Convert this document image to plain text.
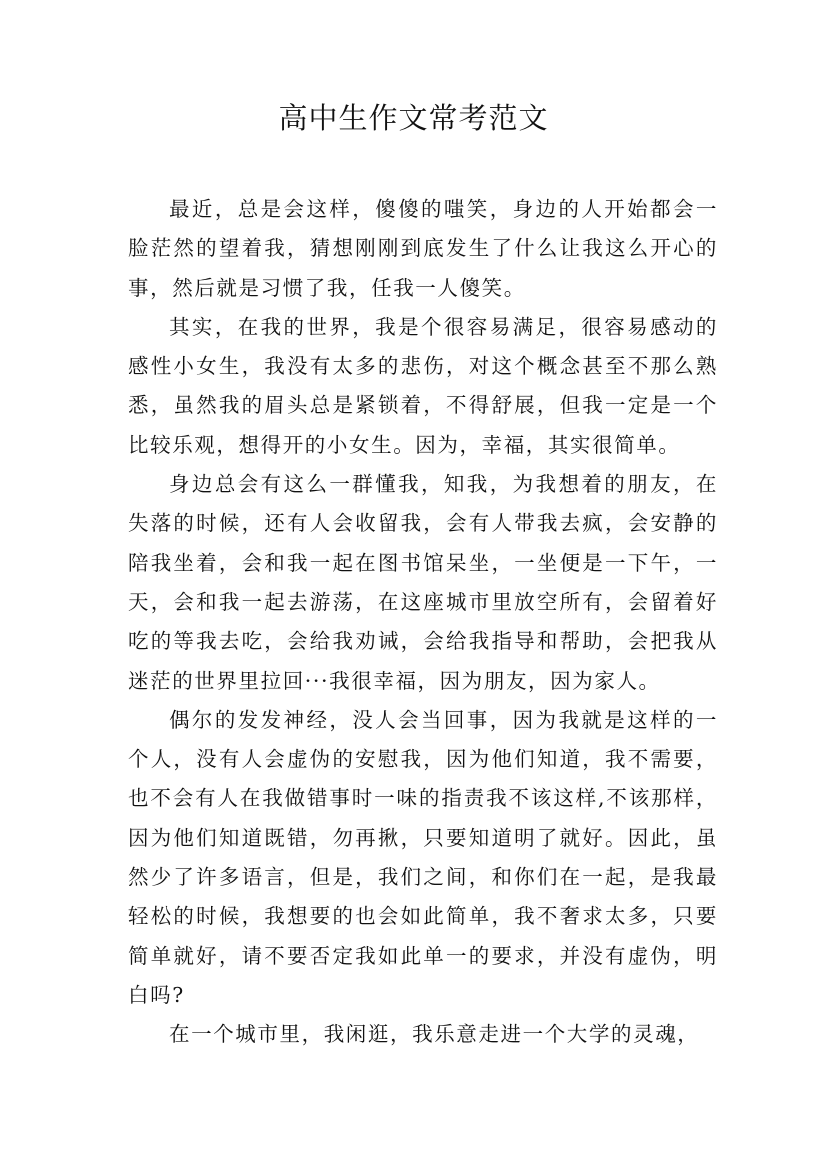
高中生作文常考范文

最近，总是会这样，傻傻的嗤笑，身边的人开始都会一脸茫然的望着我，猜想刚刚到底发生了什么让我这么开心的事，然后就是习惯了我，任我一人傻笑。

其实，在我的世界，我是个很容易满足，很容易感动的感性小女生，我没有太多的悲伤，对这个概念甚至不那么熟悉，虽然我的眉头总是紧锁着，不得舒展，但我一定是一个比较乐观，想得开的小女生。因为，幸福，其实很简单。

身边总会有这么一群懂我，知我，为我想着的朋友，在失落的时候，还有人会收留我，会有人带我去疯，会安静的陪我坐着，会和我一起在图书馆呆坐，一坐便是一下午，一天，会和我一起去游荡，在这座城市里放空所有，会留着好吃的等我去吃，会给我劝诫，会给我指导和帮助，会把我从迷茫的世界里拉回···我很幸福，因为朋友，因为家人。

偶尔的发发神经，没人会当回事，因为我就是这样的一个人，没有人会虚伪的安慰我，因为他们知道，我不需要，也不会有人在我做错事时一味的指责我不该这样,不该那样，因为他们知道既错，勿再揪，只要知道明了就好。因此，虽然少了许多语言，但是，我们之间，和你们在一起，是我最轻松的时候，我想要的也会如此简单，我不奢求太多，只要简单就好，请不要否定我如此单一的要求，并没有虚伪，明白吗?

在一个城市里，我闲逛，我乐意走进一个大学的灵魂，
